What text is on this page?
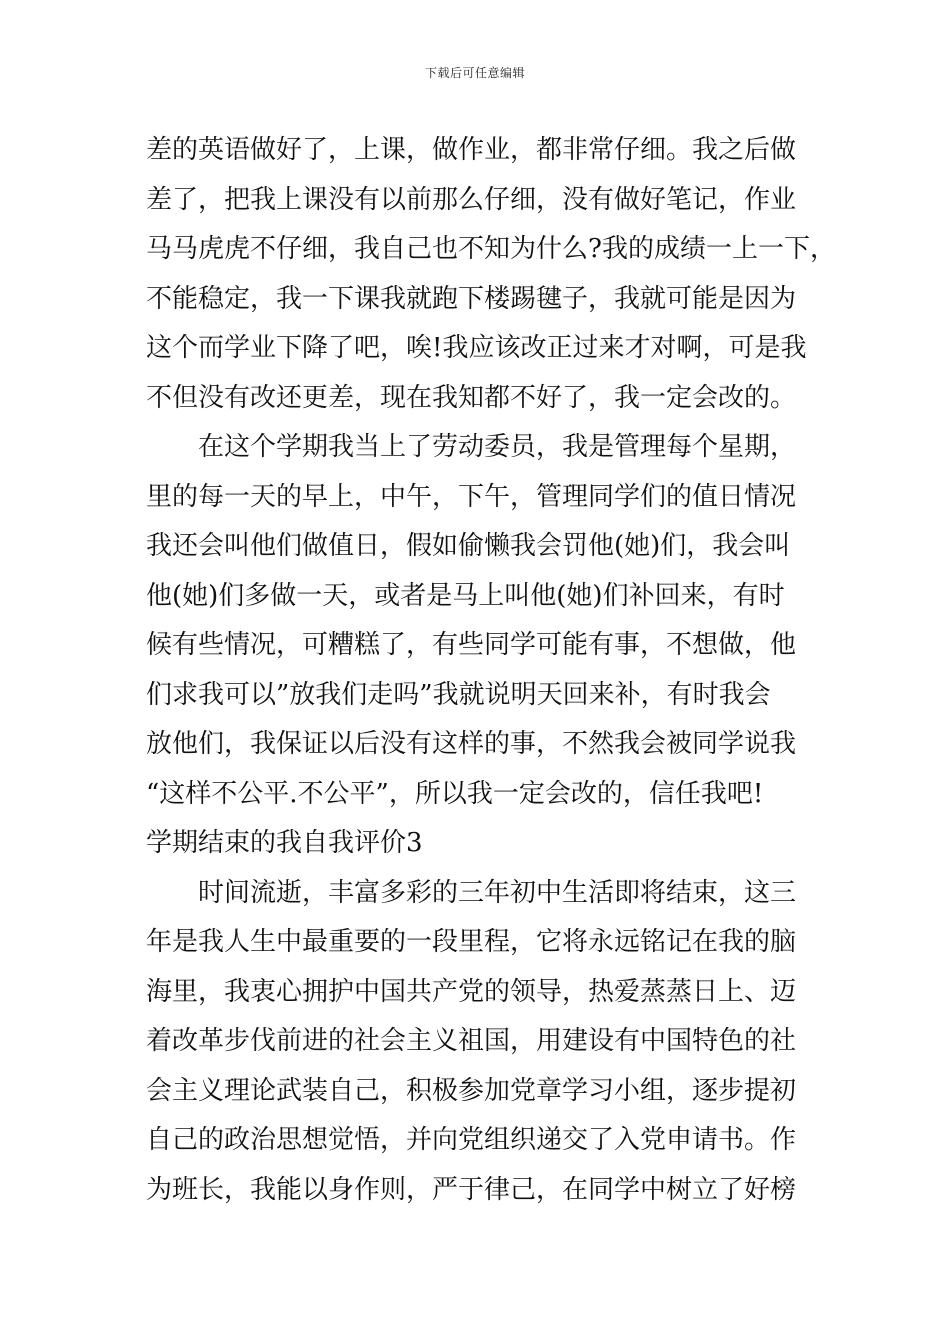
下载后可任意编辑
差的英语做好了，上课，做作业，都非常仔细。我之后做
差了，把我上课没有以前那么仔细，没有做好笔记，作业
马马虎虎不仔细，我自己也不知为什么?我的成绩一上一下，
不能稳定，我一下课我就跑下楼踢毽子，我就可能是因为
这个而学业下降了吧，唉!我应该改正过来才对啊，可是我
不但没有改还更差，现在我知都不好了，我一定会改的。
在这个学期我当上了劳动委员，我是管理每个星期，
里的每一天的早上，中午，下午，管理同学们的值日情况
我还会叫他们做值日，假如偷懒我会罚他(她)们，我会叫
他(她)们多做一天，或者是马上叫他(她)们补回来，有时
候有些情况，可糟糕了，有些同学可能有事，不想做，他
们求我可以”放我们走吗”我就说明天回来补，有时我会
放他们，我保证以后没有这样的事，不然我会被同学说我
“这样不公平.不公平”，所以我一定会改的，信任我吧!
学期结束的我自我评价3
时间流逝，丰富多彩的三年初中生活即将结束，这三
年是我人生中最重要的一段里程，它将永远铭记在我的脑
海里，我衷心拥护中国共产党的领导，热爱蒸蒸日上、迈
着改革步伐前进的社会主义祖国，用建设有中国特色的社
会主义理论武装自己，积极参加党章学习小组，逐步提初
自己的政治思想觉悟，并向党组织递交了入党申请书。作
为班长，我能以身作则，严于律己，在同学中树立了好榜
